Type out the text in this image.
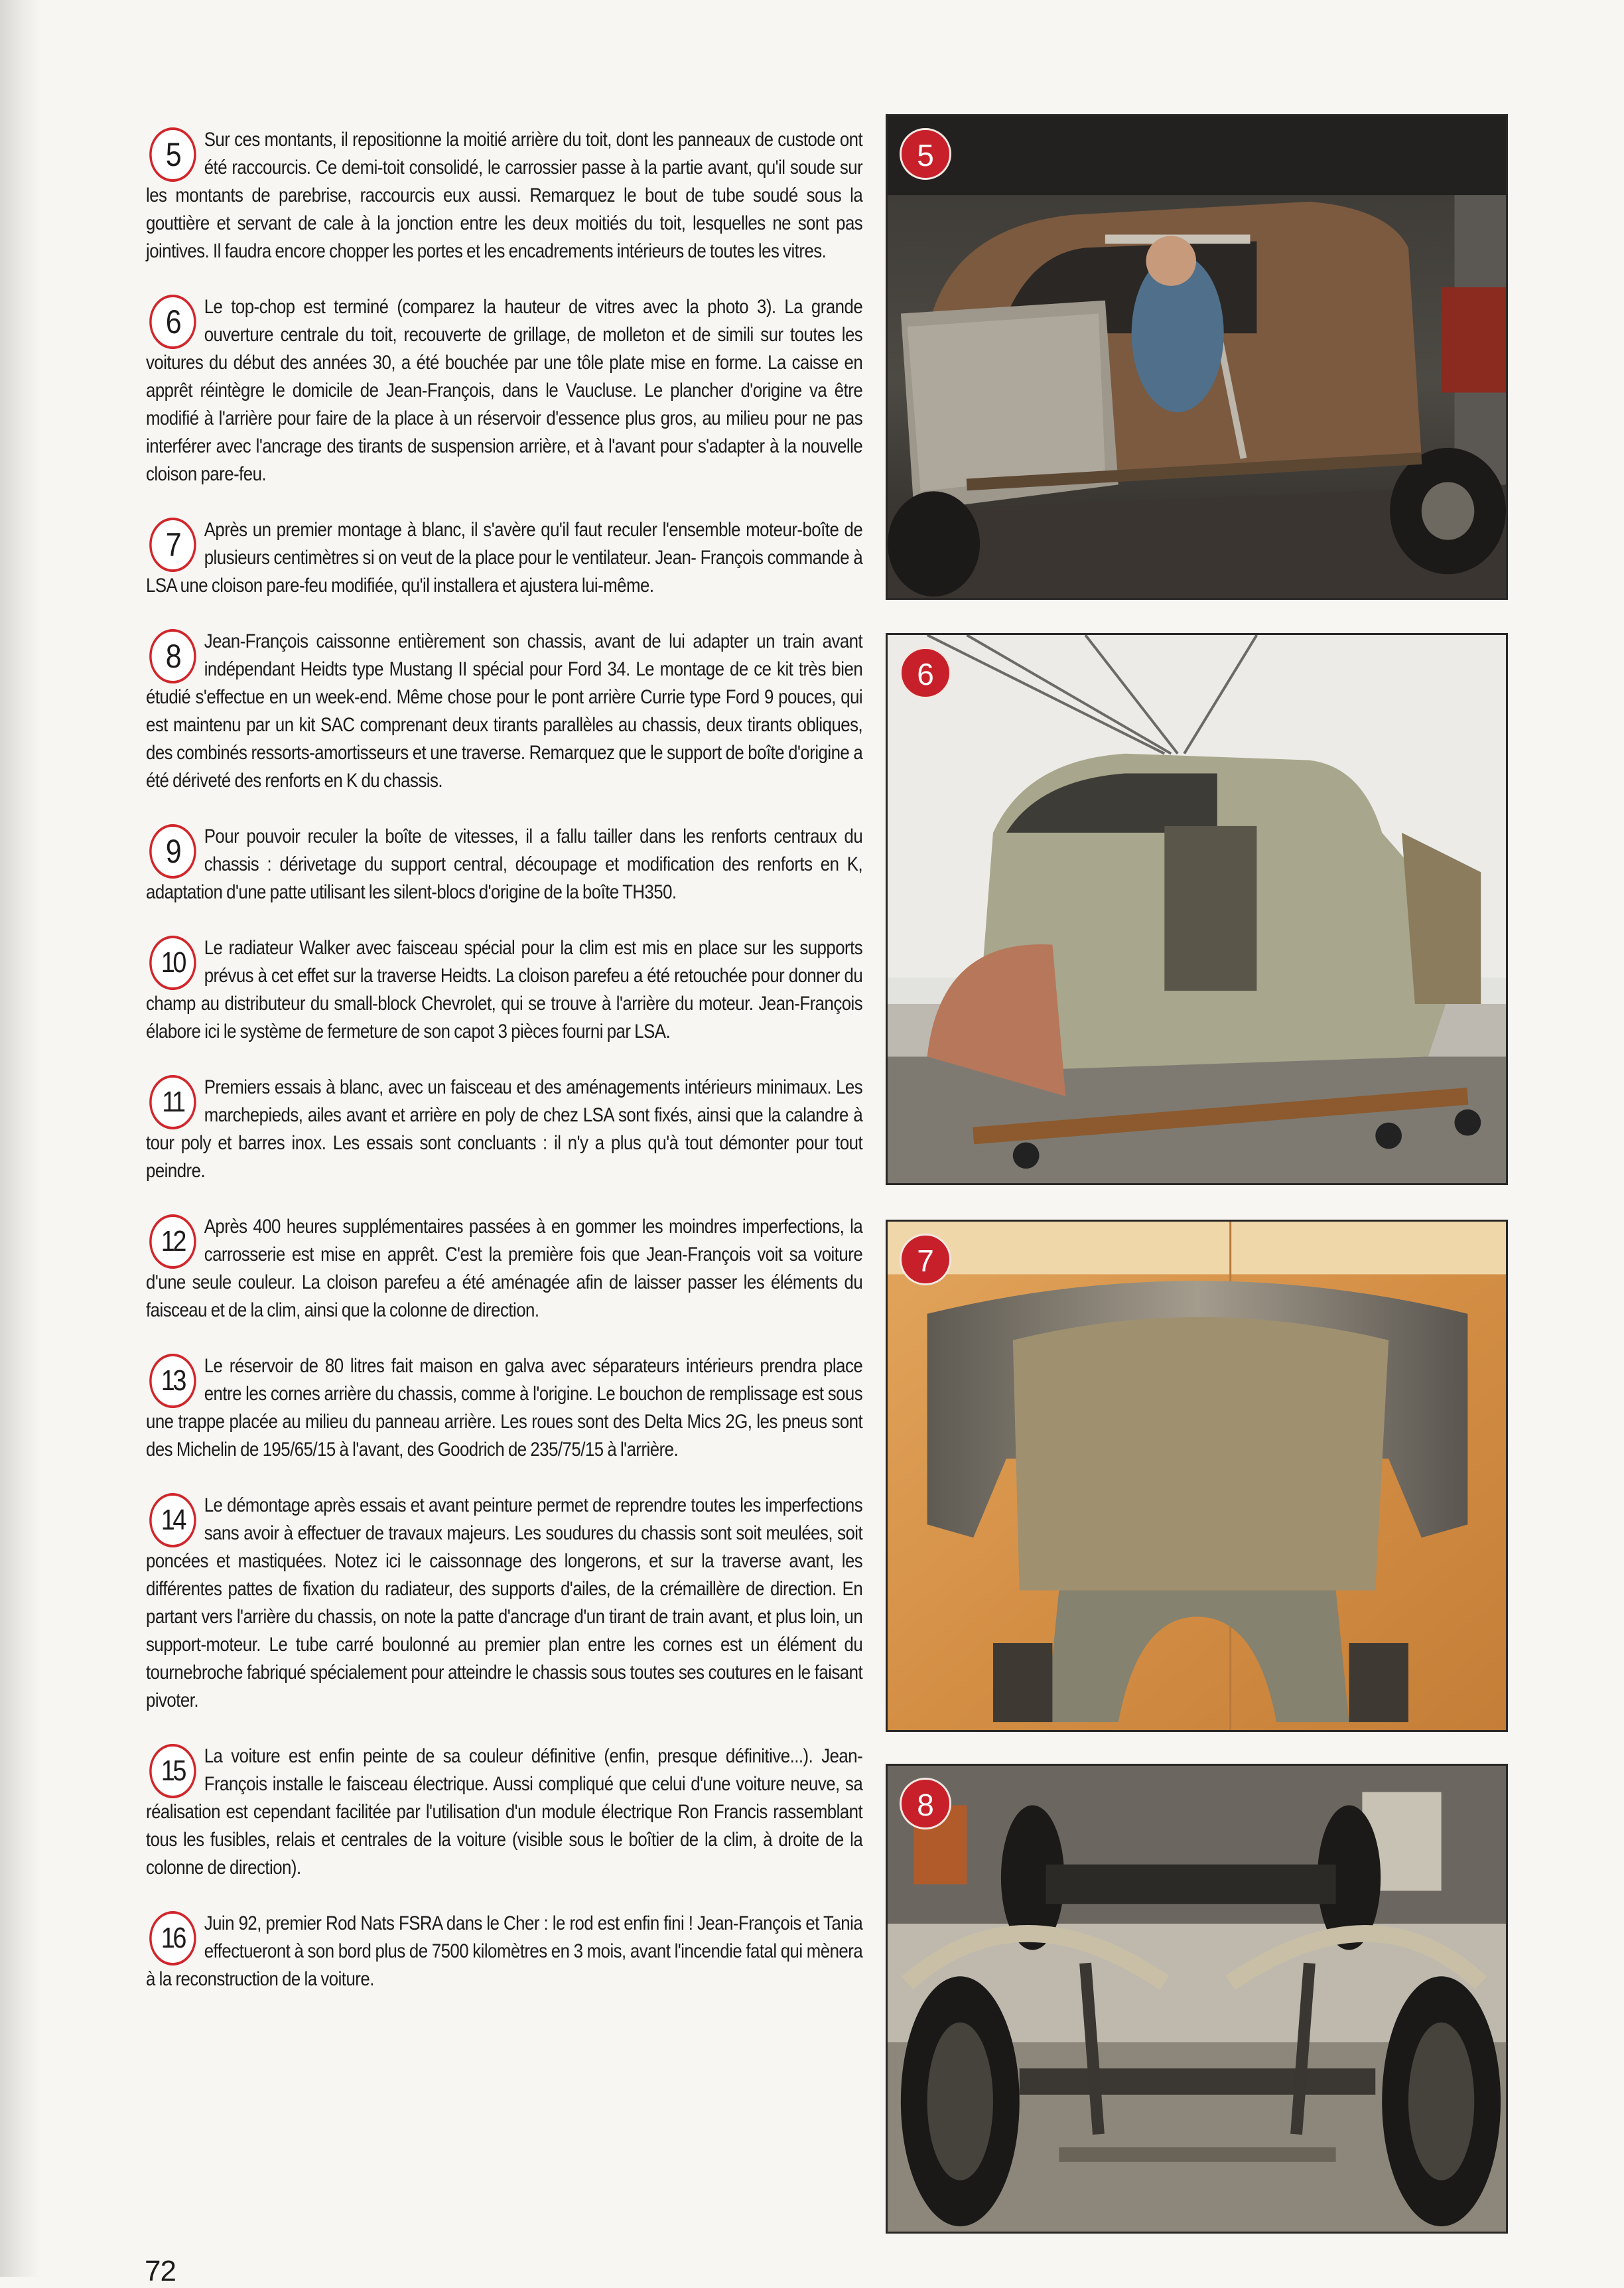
5	Sur ces montants, il repositionne la moitié arrière du toit, dont les panneaux de custode ont été raccourcis. Ce demi-toit consolidé, le carrossier passe à la partie avant, qu'il soude sur les montants de parebrise, raccourcis eux aussi. Remarquez le bout de tube soudé sous la gouttière et servant de cale à la jonction entre les deux moitiés du toit, lesquelles ne sont pas jointives. Il faudra encore chopper les portes et les encadrements intérieurs de toutes les vitres.

6	Le top-chop est terminé (comparez la hauteur de vitres avec la photo 3). La grande ouverture centrale du toit, recouverte de grillage, de molleton et de simili sur toutes les voitures du début des années 30, a été bouchée par une tôle plate mise en forme. La caisse en apprêt réintègre le domicile de Jean-François, dans le Vaucluse. Le plancher d'origine va être modifié à l'arrière pour faire de la place à un réservoir d'essence plus gros, au milieu pour ne pas interférer avec l'ancrage des tirants de suspension arrière, et à l'avant pour s'adapter à la nouvelle cloison pare-feu.

7	Après un premier montage à blanc, il s'avère qu'il faut reculer l'ensemble moteur-boîte de plusieurs centimètres si on veut de la place pour le ventilateur. Jean- François commande à LSA une cloison pare-feu modifiée, qu'il installera et ajustera lui-même.

8	Jean-François caissonne entièrement son chassis, avant de lui adapter un train avant indépendant Heidts type Mustang II spécial pour Ford 34. Le montage de ce kit très bien étudié s'effectue en un week-end. Même chose pour le pont arrière Currie type Ford 9 pouces, qui est maintenu par un kit SAC comprenant deux tirants parallèles au chassis, deux tirants obliques, des combinés ressorts-amortisseurs et une traverse. Remarquez que le support de boîte d'origine a été dériveté des renforts en K du chassis.

9	Pour pouvoir reculer la boîte de vitesses, il a fallu tailler dans les renforts centraux du chassis : dérivetage du support central, découpage et modification des renforts en K, adaptation d'une patte utilisant les silent-blocs d'origine de la boîte TH350.

10 Le radiateur Walker avec faisceau spécial pour la clim est mis en place sur les supports prévus à cet effet sur la traverse Heidts. La cloison parefeu a été retouchée pour donner du champ au distributeur du small-block Chevrolet, qui se trouve à l'arrière du moteur. Jean-François élabore ici le système de fermeture de son capot 3 pièces fourni par LSA.

11	Premiers essais à blanc, avec un faisceau et des aménagements intérieurs minimaux. Les marchepieds, ailes avant et arrière en poly de chez LSA sont fixés, ainsi que la calandre à tour poly et barres inox. Les essais sont concluants : il n'y a plus qu'à tout démonter pour tout peindre.

12 Après 400 heures supplémentaires passées à en gommer les moindres imperfections, la carrosserie est mise en apprêt. C'est la première fois que Jean-François voit sa voiture d'une seule couleur. La cloison parefeu a été aménagée afin de laisser passer les éléments du faisceau et de la clim, ainsi que la colonne de direction.

13 Le réservoir de 80 litres fait maison en galva avec séparateurs intérieurs prendra place entre les cornes arrière du chassis, comme à l'origine. Le bouchon de remplissage est sous une trappe placée au milieu du panneau arrière. Les roues sont des Delta Mics 2G, les pneus sont des Michelin de 195/65/15 à l'avant, des Goodrich de 235/75/15 à l'arrière.

14 Le démontage après essais et avant peinture permet de reprendre toutes les imperfections sans avoir à effectuer de travaux majeurs. Les soudures du chassis sont soit meulées, soit poncées et mastiquées. Notez ici le caissonnage des longerons, et sur la traverse avant, les différentes pattes de fixation du radiateur, des supports d'ailes, de la crémaillère de direction. En partant vers l'arrière du chassis, on note la patte d'ancrage d'un tirant de train avant, et plus loin, un support-moteur. Le tube carré boulonné au premier plan entre les cornes est un élément du tournebroche fabriqué spécialement pour atteindre le chassis sous toutes ses coutures en le faisant pivoter.

15 La voiture est enfin peinte de sa couleur définitive (enfin, presque définitive...). Jean-François installe le faisceau électrique. Aussi compliqué que celui d'une voiture neuve, sa réalisation est cependant facilitée par l'utilisation d'un module électrique Ron Francis rassemblant tous les fusibles, relais et centrales de la voiture (visible sous le boîtier de la clim, à droite de la colonne de direction).

16 Juin 92, premier Rod Nats FSRA dans le Cher : le rod est enfin fini ! Jean-François et Tania effectueront à son bord plus de 7500 kilomètres en 3 mois, avant l'incendie fatal qui mènera à la reconstruction de la voiture.

5
6
7
8
72
